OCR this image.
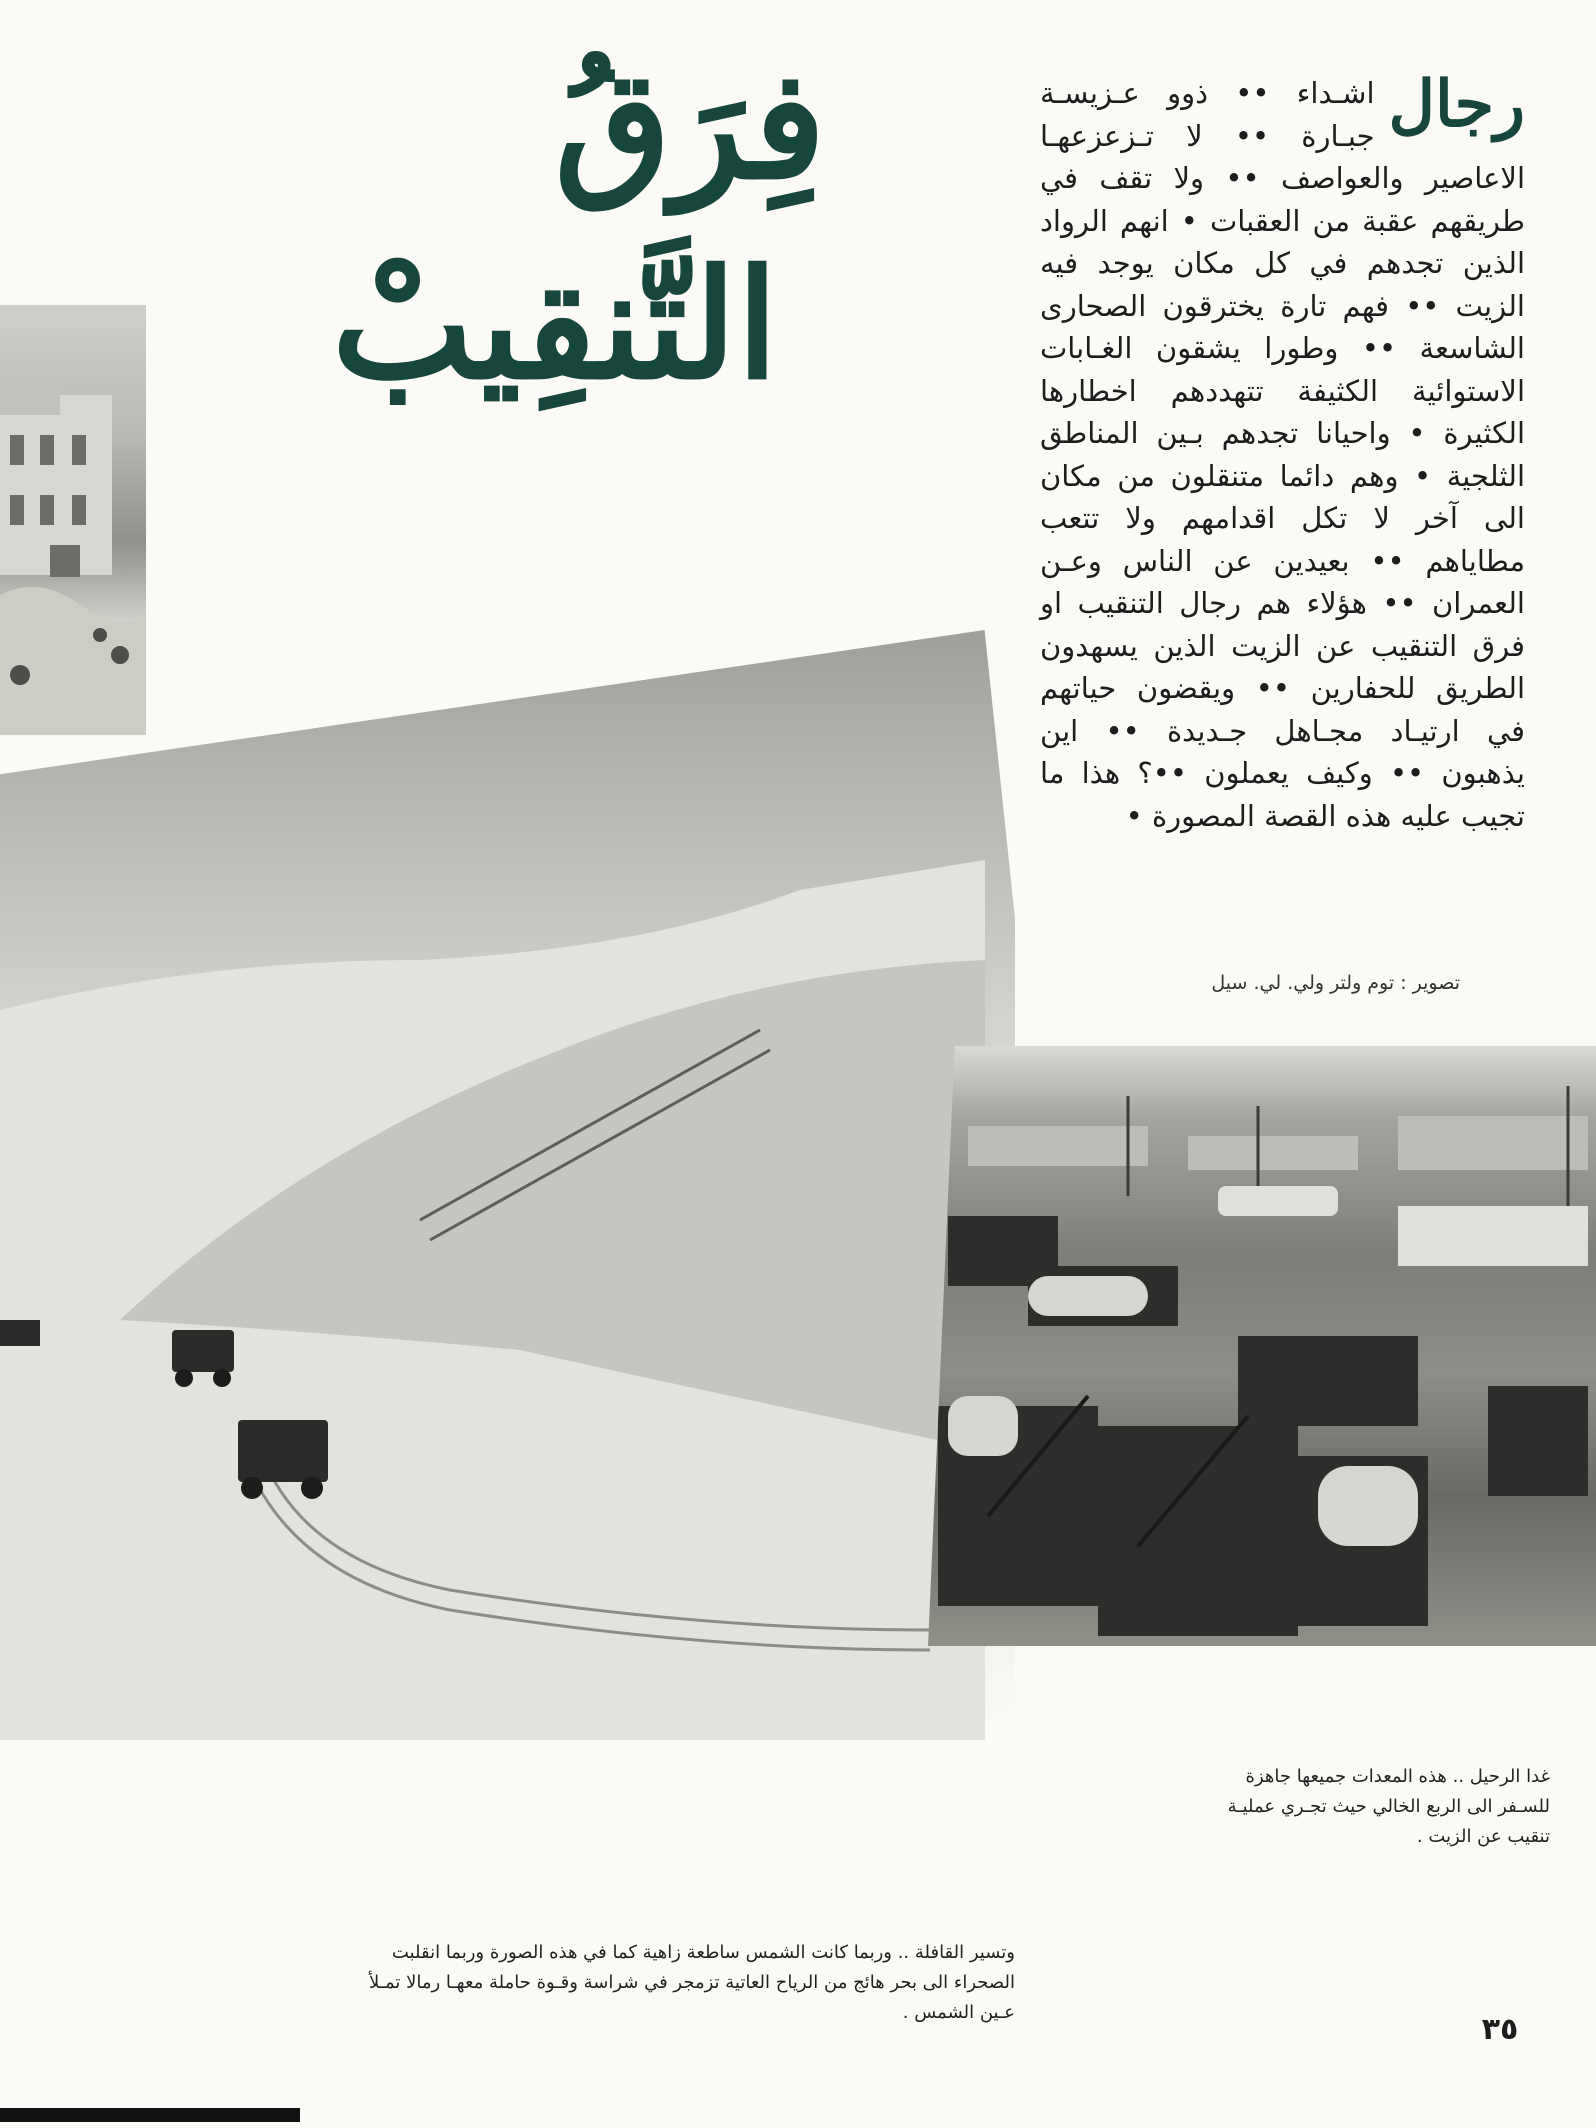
فِرَقُ
التَّنقِيبْ
رجال

اشـداء •• ذوو عـزيسـة جبـارة •• لا تـزعزعهـا الاعاصير والعواصف •• ولا تقف في طريقهم عقبة من العقبات • انهم الرواد الذين تجدهم في كل مكان يوجد فيه الزيت •• فهم تارة يخترقون الصحارى الشاسعة •• وطورا يشقون الغـابات الاستوائية الكثيفة تتهددهم اخطارها الكثيرة • واحيانا تجدهم بـين المناطق الثلجية • وهم دائما متنقلون من مكان الى آخر لا تكل اقدامهم ولا تتعب مطاياهم •• بعيدين عن الناس وعـن العمران •• هؤلاء هم رجال التنقيب او فرق التنقيب عن الزيت الذين يسهدون الطريق للحفارين •• ويقضون حياتهم في ارتيـاد مجـاهل جـديدة •• اين يذهبون •• وكيف يعملون ••؟ هذا ما تجيب عليه هذه القصة المصورة •

تصوير : توم ولتر ولي. لي. سيل
غدا الرحيل .. هذه المعدات جميعها جاهزة للسـفر الى الربع الخالي حيث تجـري عمليـة تنقيب عن الزيت .
وتسير القافلة .. وربما كانت الشمس ساطعة زاهية كما في هذه الصورة وربما انقلبت الصحراء الى بحر هائج من الرياح العاتية تزمجر في شراسة وقـوة حاملة معهـا رمالا تمـلأ عـين الشمس .	٣٥
